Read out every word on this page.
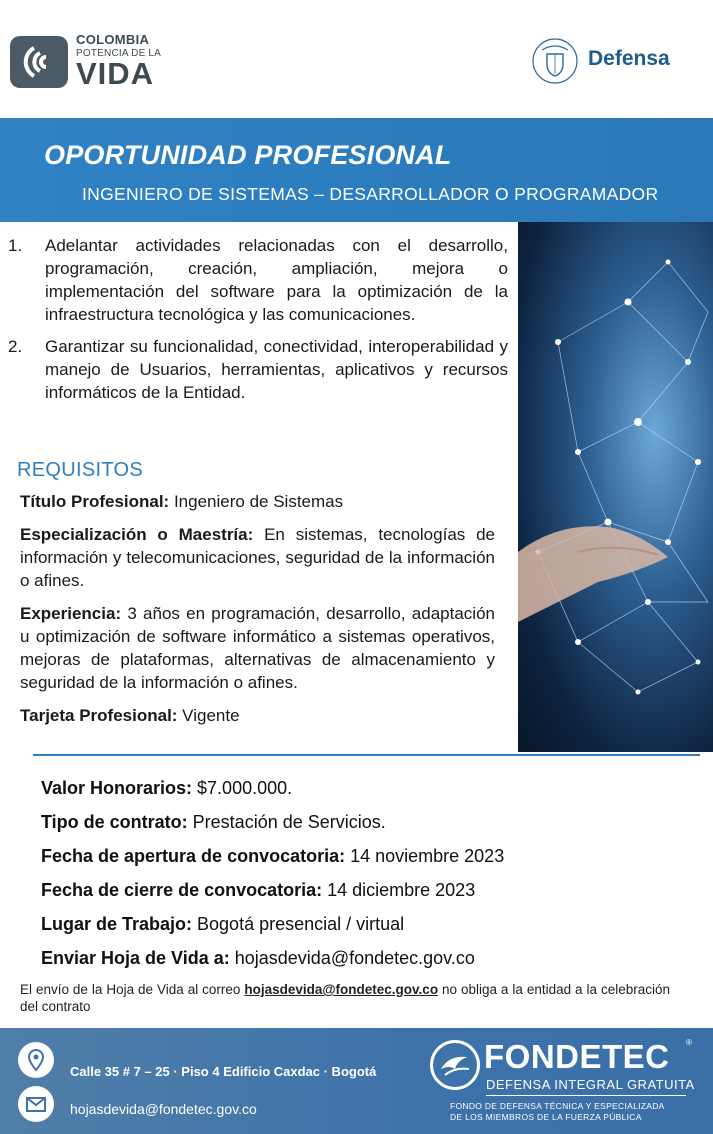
COLOMBIA
POTENCIA DE LA
VIDA	Defensa
OPORTUNIDAD PROFESIONAL
INGENIERO DE SISTEMAS – DESARROLLADOR O PROGRAMADOR
1. Adelantar actividades relacionadas con el desarrollo, programación, creación, ampliación, mejora o implementación del software para la optimización de la infraestructura tecnológica y las comunicaciones.
2. Garantizar su funcionalidad, conectividad, interoperabilidad y manejo de Usuarios, herramientas, aplicativos y recursos informáticos de la Entidad.
REQUISITOS
Título Profesional: Ingeniero de Sistemas
Especialización o Maestría: En sistemas, tecnologías de información y telecomunicaciones, seguridad de la información o afines.
Experiencia: 3 años en programación, desarrollo, adaptación u optimización de software informático a sistemas operativos, mejoras de plataformas, alternativas de almacenamiento y seguridad de la información o afines.
Tarjeta Profesional: Vigente
Valor Honorarios: $7.000.000.
Tipo de contrato: Prestación de Servicios.
Fecha de apertura de convocatoria: 14 noviembre 2023
Fecha de cierre de convocatoria: 14 diciembre 2023
Lugar de Trabajo: Bogotá presencial / virtual
Enviar Hoja de Vida a: hojasdevida@fondetec.gov.co
El envío de la Hoja de Vida al correo hojasdevida@fondetec.gov.co no obliga a la entidad a la celebración del contrato
Calle 35 # 7 – 25 · Piso 4 Edificio Caxdac · Bogotá
hojasdevida@fondetec.gov.co
FONDETEC ®
DEFENSA INTEGRAL GRATUITA
FONDO DE DEFENSA TÉCNICA Y ESPECIALIZADA
DE LOS MIEMBROS DE LA FUERZA PÚBLICA
